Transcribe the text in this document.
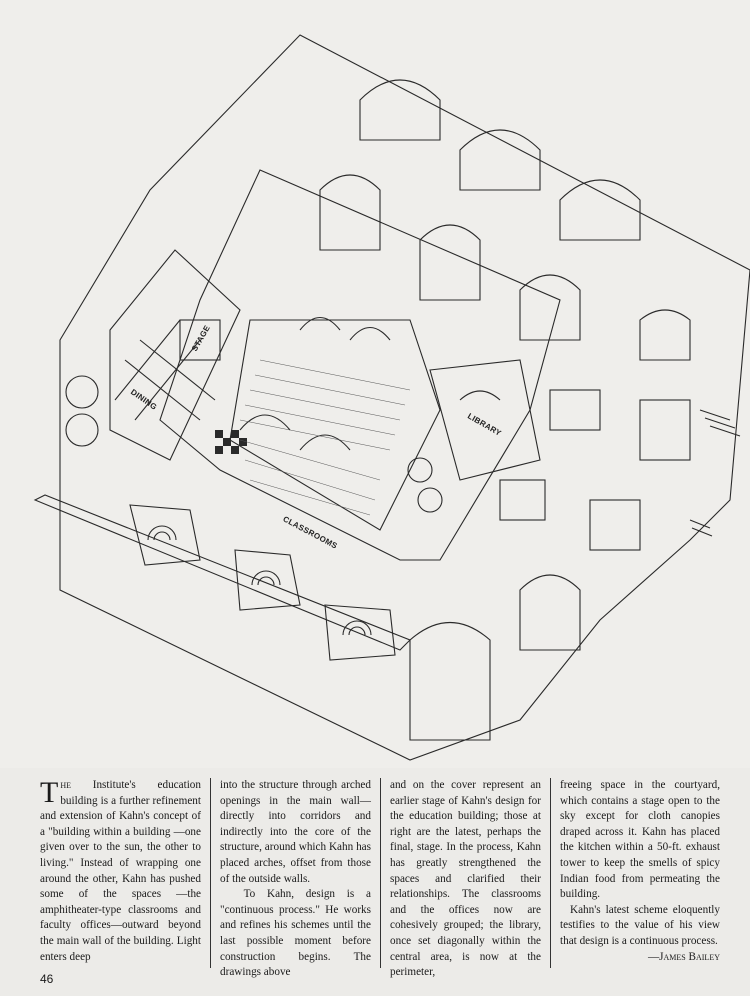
STAGE
DINING
LIBRARY
CLASSROOMS
The Institute's education building is a further refinement and extension of Kahn's concept of a "building within a building —one given over to the sun, the other to living." Instead of wrapping one around the other, Kahn has pushed some of the spaces —the amphitheater-type classrooms and faculty offices—outward beyond the main wall of the building. Light enters deep
into the structure through arched openings in the main wall— directly into corridors and indirectly into the core of the structure, around which Kahn has placed arches, offset from those of the outside walls.
To Kahn, design is a "continuous process." He works and refines his schemes until the last possible moment before construction begins. The drawings above
and on the cover represent an earlier stage of Kahn's design for the education building; those at right are the latest, perhaps the final, stage. In the process, Kahn has greatly strengthened the spaces and clarified their relationships. The classrooms and the offices now are cohesively grouped; the library, once set diagonally within the central area, is now at the perimeter,
freeing space in the courtyard, which contains a stage open to the sky except for cloth canopies draped across it. Kahn has placed the kitchen within a 50-ft. exhaust tower to keep the smells of spicy Indian food from permeating the building.
Kahn's latest scheme eloquently testifies to the value of his view that design is a continuous process.
—James Bailey
46
